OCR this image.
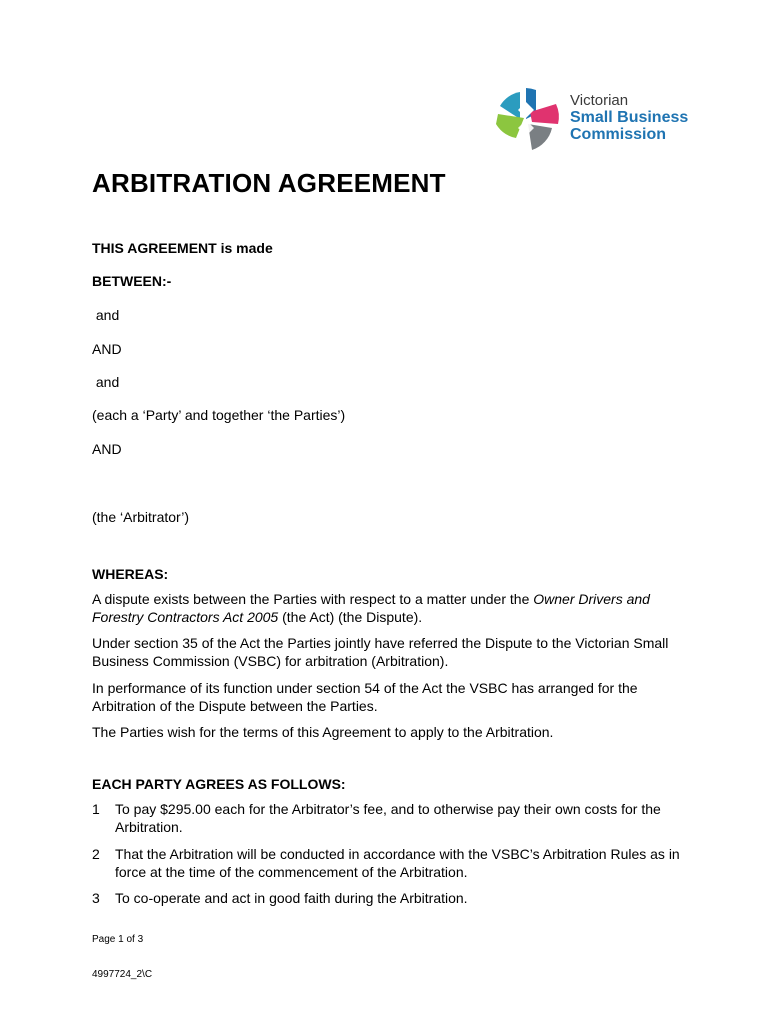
Victorian
Small Business
Commission
ARBITRATION AGREEMENT
THIS AGREEMENT is made
BETWEEN:-
and
AND
and
(each a ‘Party’ and together ‘the Parties’)
AND
(the ‘Arbitrator’)
WHEREAS:
A dispute exists between the Parties with respect to a matter under the Owner Drivers and Forestry Contractors Act 2005 (the Act) (the Dispute).
Under section 35 of the Act the Parties jointly have referred the Dispute to the Victorian Small Business Commission (VSBC) for arbitration (Arbitration).
In performance of its function under section 54 of the Act the VSBC has arranged for the Arbitration of the Dispute between the Parties.
The Parties wish for the terms of this Agreement to apply to the Arbitration.
EACH PARTY AGREES AS FOLLOWS:
1	To pay $295.00 each for the Arbitrator’s fee, and to otherwise pay their own costs for the Arbitration.
2	That the Arbitration will be conducted in accordance with the VSBC’s Arbitration Rules as in force at the time of the commencement of the Arbitration.
3	To co-operate and act in good faith during the Arbitration.
Page 1 of 3
4997724_2\C
